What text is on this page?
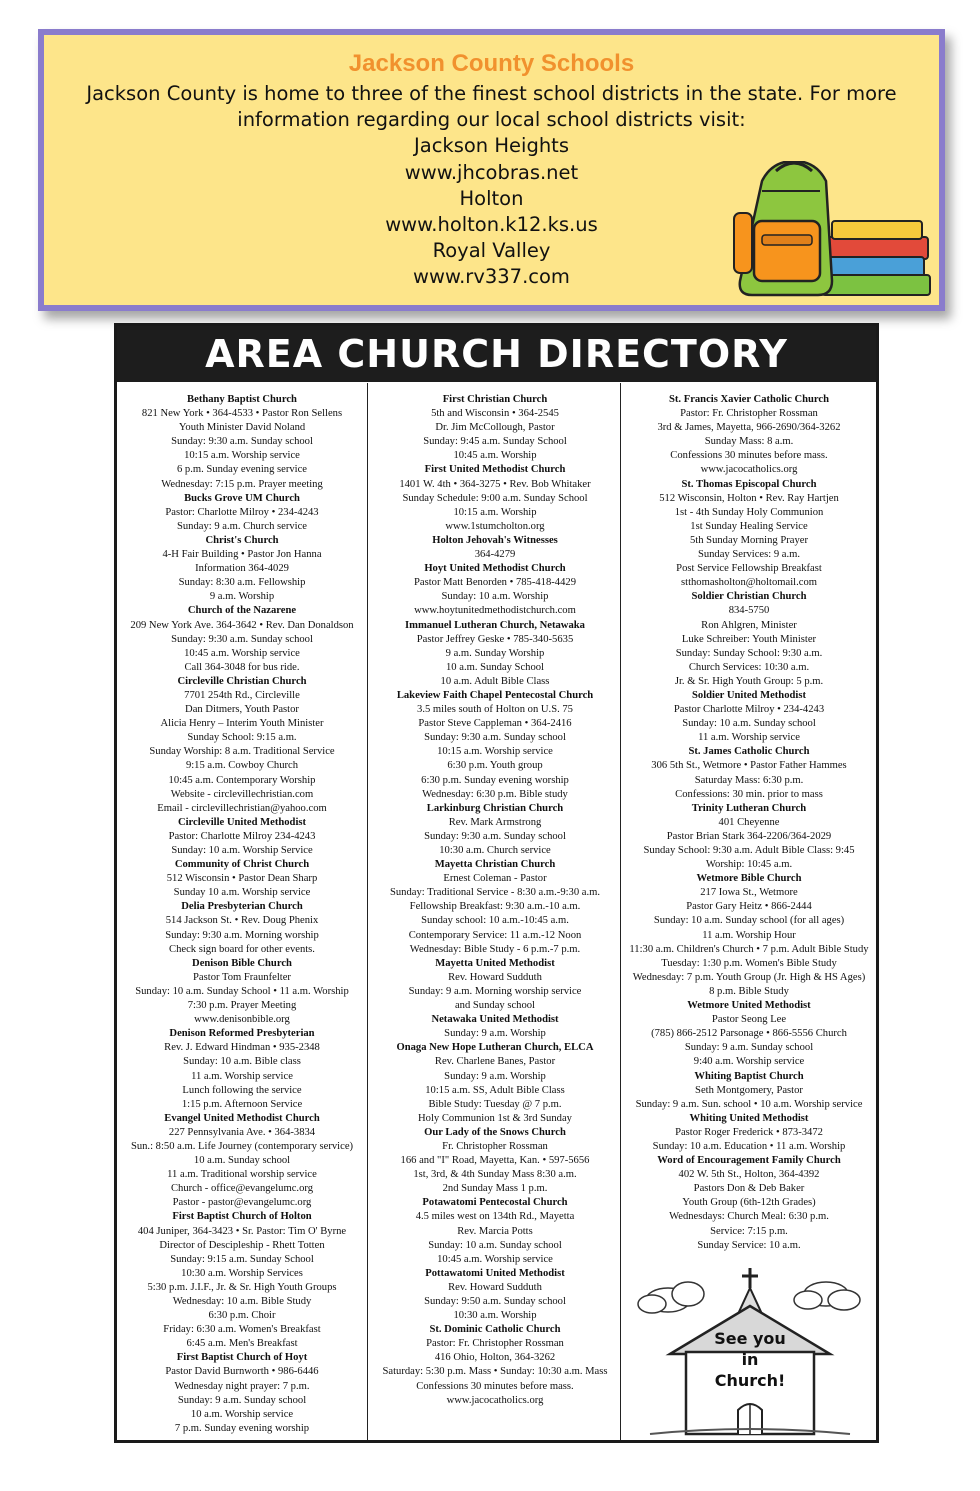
Jackson County Schools
Jackson County is home to three of the finest school districts in the state. For more
information regarding our local school districts visit:
Jackson Heights
www.jhcobras.net
Holton
www.holton.k12.ks.us
Royal Valley
www.rv337.com
AREA CHURCH DIRECTORY
Bethany Baptist Church
821 New York • 364-4533 • Pastor Ron Sellens
Youth Minister David Noland
Sunday: 9:30 a.m. Sunday school
10:15 a.m. Worship service
6 p.m. Sunday evening service
Wednesday: 7:15 p.m. Prayer meeting
Bucks Grove UM Church
Pastor: Charlotte Milroy • 234-4243
Sunday: 9 a.m. Church service
Christ's Church
4-H Fair Building • Pastor Jon Hanna
Information 364-4029
Sunday: 8:30 a.m. Fellowship
9 a.m. Worship
Church of the Nazarene
209 New York Ave. 364-3642 • Rev. Dan Donaldson
Sunday: 9:30 a.m. Sunday school
10:45 a.m. Worship service
Call 364-3048 for bus ride.
Circleville Christian Church
7701 254th Rd., Circleville
Dan Ditmers, Youth Pastor
Alicia Henry – Interim Youth Minister
Sunday School: 9:15 a.m.
Sunday Worship: 8 a.m. Traditional Service
9:15 a.m. Cowboy Church
10:45 a.m. Contemporary Worship
Website - circlevillechristian.com
Email - circlevillechristian@yahoo.com
Circleville United Methodist
Pastor: Charlotte Milroy 234-4243
Sunday: 10 a.m. Worship Service
Community of Christ Church
512 Wisconsin • Pastor Dean Sharp
Sunday 10 a.m. Worship service
Delia Presbyterian Church
514 Jackson St. • Rev. Doug Phenix
Sunday: 9:30 a.m. Morning worship
Check sign board for other events.
Denison Bible Church
Pastor Tom Fraunfelter
Sunday: 10 a.m. Sunday School • 11 a.m. Worship
7:30 p.m. Prayer Meeting
www.denisonbible.org
Denison Reformed Presbyterian
Rev. J. Edward Hindman • 935-2348
Sunday: 10 a.m. Bible class
11 a.m. Worship service
Lunch following the service
1:15 p.m. Afternoon Service
Evangel United Methodist Church
227 Pennsylvania Ave. • 364-3834
Sun.: 8:50 a.m. Life Journey (contemporary service)
10 a.m. Sunday school
11 a.m. Traditional worship service
Church - office@evangelumc.org
Pastor - pastor@evangelumc.org
First Baptist Church of Holton
404 Juniper, 364-3423 • Sr. Pastor: Tim O' Byrne
Director of Descipleship - Rhett Totten
Sunday: 9:15 a.m. Sunday School
10:30 a.m. Worship Services
5:30 p.m. J.I.F., Jr. & Sr. High Youth Groups
Wednesday: 10 a.m. Bible Study
6:30 p.m. Choir
Friday: 6:30 a.m. Women's Breakfast
6:45 a.m. Men's Breakfast
First Baptist Church of Hoyt
Pastor David Burnworth • 986-6446
Wednesday night prayer: 7 p.m.
Sunday: 9 a.m. Sunday school
10 a.m. Worship service
7 p.m. Sunday evening worship
First Christian Church
5th and Wisconsin • 364-2545
Dr. Jim McCollough, Pastor
Sunday: 9:45 a.m. Sunday School
10:45 a.m. Worship
First United Methodist Church
1401 W. 4th • 364-3275 • Rev. Bob Whitaker
Sunday Schedule: 9:00 a.m. Sunday School
10:15 a.m. Worship
www.1stumcholton.org
Holton Jehovah's Witnesses
364-4279
Hoyt United Methodist Church
Pastor Matt Benorden • 785-418-4429
Sunday: 10 a.m. Worship
www.hoytunitedmethodistchurch.com
Immanuel Lutheran Church, Netawaka
Pastor Jeffrey Geske • 785-340-5635
9 a.m. Sunday Worship
10 a.m. Sunday School
10 a.m. Adult Bible Class
Lakeview Faith Chapel Pentecostal Church
3.5 miles south of Holton on U.S. 75
Pastor Steve Cappleman • 364-2416
Sunday: 9:30 a.m. Sunday school
10:15 a.m. Worship service
6:30 p.m. Youth group
6:30 p.m. Sunday evening worship
Wednesday: 6:30 p.m. Bible study
Larkinburg Christian Church
Rev. Mark Armstrong
Sunday: 9:30 a.m. Sunday school
10:30 a.m. Church service
Mayetta Christian Church
Ernest Coleman - Pastor
Sunday: Traditional Service - 8:30 a.m.-9:30 a.m.
Fellowship Breakfast: 9:30 a.m.-10 a.m.
Sunday school: 10 a.m.-10:45 a.m.
Contemporary Service: 11 a.m.-12 Noon
Wednesday: Bible Study - 6 p.m.-7 p.m.
Mayetta United Methodist
Rev. Howard Sudduth
Sunday: 9 a.m. Morning worship service
and Sunday school
Netawaka United Methodist
Sunday: 9 a.m. Worship
Onaga New Hope Lutheran Church, ELCA
Rev. Charlene Banes, Pastor
Sunday: 9 a.m. Worship
10:15 a.m. SS, Adult Bible Class
Bible Study: Tuesday @ 7 p.m.
Holy Communion 1st & 3rd Sunday
Our Lady of the Snows Church
Fr. Christopher Rossman
166 and "I" Road, Mayetta, Kan. • 597-5656
1st, 3rd, & 4th Sunday Mass 8:30 a.m.
2nd Sunday Mass 1 p.m.
Potawatomi Pentecostal Church
4.5 miles west on 134th Rd., Mayetta
Rev. Marcia Potts
Sunday: 10 a.m. Sunday school
10:45 a.m. Worship service
Pottawatomi United Methodist
Rev. Howard Sudduth
Sunday: 9:50 a.m. Sunday school
10:30 a.m. Worship
St. Dominic Catholic Church
Pastor: Fr. Christopher Rossman
416 Ohio, Holton, 364-3262
Saturday: 5:30 p.m. Mass • Sunday: 10:30 a.m. Mass
Confessions 30 minutes before mass.
www.jacocatholics.org
St. Francis Xavier Catholic Church
Pastor: Fr. Christopher Rossman
3rd & James, Mayetta, 966-2690/364-3262
Sunday Mass: 8 a.m.
Confessions 30 minutes before mass.
www.jacocatholics.org
St. Thomas Episcopal Church
512 Wisconsin, Holton • Rev. Ray Hartjen
1st - 4th Sunday Holy Communion
1st Sunday Healing Service
5th Sunday Morning Prayer
Sunday Services: 9 a.m.
Post Service Fellowship Breakfast
stthomasholton@holtomail.com
Soldier Christian Church
834-5750
Ron Ahlgren, Minister
Luke Schreiber: Youth Minister
Sunday: Sunday School: 9:30 a.m.
Church Services: 10:30 a.m.
Jr. & Sr. High Youth Group: 5 p.m.
Soldier United Methodist
Pastor Charlotte Milroy • 234-4243
Sunday: 10 a.m. Sunday school
11 a.m. Worship service
St. James Catholic Church
306 5th St., Wetmore • Pastor Father Hammes
Saturday Mass: 6:30 p.m.
Confessions: 30 min. prior to mass
Trinity Lutheran Church
401 Cheyenne
Pastor Brian Stark 364-2206/364-2029
Sunday School: 9:30 a.m. Adult Bible Class: 9:45
Worship: 10:45 a.m.
Wetmore Bible Church
217 Iowa St., Wetmore
Pastor Gary Heitz • 866-2444
Sunday: 10 a.m. Sunday school (for all ages)
11 a.m. Worship Hour
11:30 a.m. Children's Church • 7 p.m. Adult Bible Study
Tuesday: 1:30 p.m. Women's Bible Study
Wednesday: 7 p.m. Youth Group (Jr. High & HS Ages)
8 p.m. Bible Study
Wetmore United Methodist
Pastor Seong Lee
(785) 866-2512 Parsonage • 866-5556 Church
Sunday: 9 a.m. Sunday school
9:40 a.m. Worship service
Whiting Baptist Church
Seth Montgomery, Pastor
Sunday: 9 a.m. Sun. school • 10 a.m. Worship service
Whiting United Methodist
Pastor Roger Frederick • 873-3472
Sunday: 10 a.m. Education • 11 a.m. Worship
Word of Encouragement Family Church
402 W. 5th St., Holton, 364-4392
Pastors Don & Deb Baker
Youth Group (6th-12th Grades)
Wednesdays: Church Meal: 6:30 p.m.
Service: 7:15 p.m.
Sunday Service: 10 a.m.
See you
in
Church!
